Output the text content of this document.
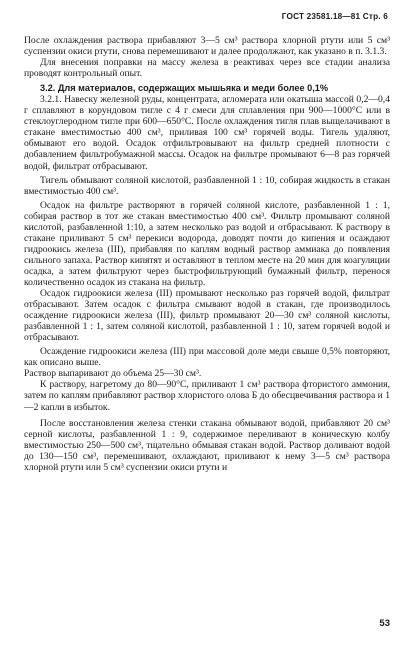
ГОСТ 23581.18—81 Стр. 6

После охлаждения раствора прибавляют 3—5 см³ раствора хлорной ртути или 5 см³ суспензии окиси ртути, снова перемешивают и далее продолжают, как указано в п. 3.1.3.

Для внесения поправки на массу железа в реактивах через все стадии анализа проводят контрольный опыт.

3.2. Для материалов, содержащих мышьяка и меди более 0,1%

3.2.1. Навеску железной руды, концентрата, агломерата или окатыша массой 0,2—0,4 г сплавляют в корундовом тигле с 4 г смеси для сплавления при 900—1000°С или в стеклоуглеродном тигле при 600—650°С. После охлаждения тигля плав выщелачивают в стакане вместимостью 400 см³, приливая 100 см³ горячей воды. Тигель удаляют, обмывают его водой. Осадок отфильтровывают на фильтр средней плотности с добавлением фильтробумажной массы. Осадок на фильтре промывают 6—8 раз горячей водой, фильтрат отбрасывают.

Тигель обмывают соляной кислотой, разбавленной 1 : 10, собирая жидкость в стакан вместимостью 400 см³.

Осадок на фильтре растворяют в горячей соляной кислоте, разбавленной 1 : 1, собирая раствор в тот же стакан вместимостью 400 см³. Фильтр промывают соляной кислотой, разбавленной 1:10, а затем несколько раз водой и отбрасывают. К раствору в стакане приливают 5 см³ перекиси водорода, доводят почти до кипения и осаждают гидроокись железа (III), прибавляя по каплям водный раствор аммиака до появления сильного запаха. Раствор кипятят и оставляют в теплом месте на 20 мин для коагуляции осадка, а затем фильтруют через быстрофильтрующий бумажный фильтр, перенося количественно осадок из стакана на фильтр.

Осадок гидроокиси железа (III) промывают несколько раз горячей водой, фильтрат отбрасывают. Затем осадок с фильтра смывают водой в стакан, где производилось осаждение гидроокиси железа (III), фильтр промывают 20—30 см³ соляной кислоты, разбавленной 1 : 1, затем соляной кислотой, разбавленной 1 : 10, затем горячей водой и отбрасывают.

Осаждение гидроокиси железа (III) при массовой доле меди свыше 0,5% повторяют, как описано выше.

Раствор выпаривают до объема 25—30 см³.

К раствору, нагретому до 80—90°С, приливают 1 см³ раствора фтористого аммония, затем по каплям прибавляют раствор хлористого олова Б до обесцвечивания раствора и 1—2 капли в избыток.

После восстановления железа стенки стакана обмывают водой, прибавляют 20 см³ серной кислоты, разбавленной 1 : 9, содержимое переливают в коническую колбу вместимостью 250—500 см³, тщательно обмывая стакан водой. Раствор доливают водой до 130—150 см³, перемешивают, охлаждают, приливают к нему 3—5 см³ раствора хлорной ртути или 5 см³ суспензии окиси ртути и

53
